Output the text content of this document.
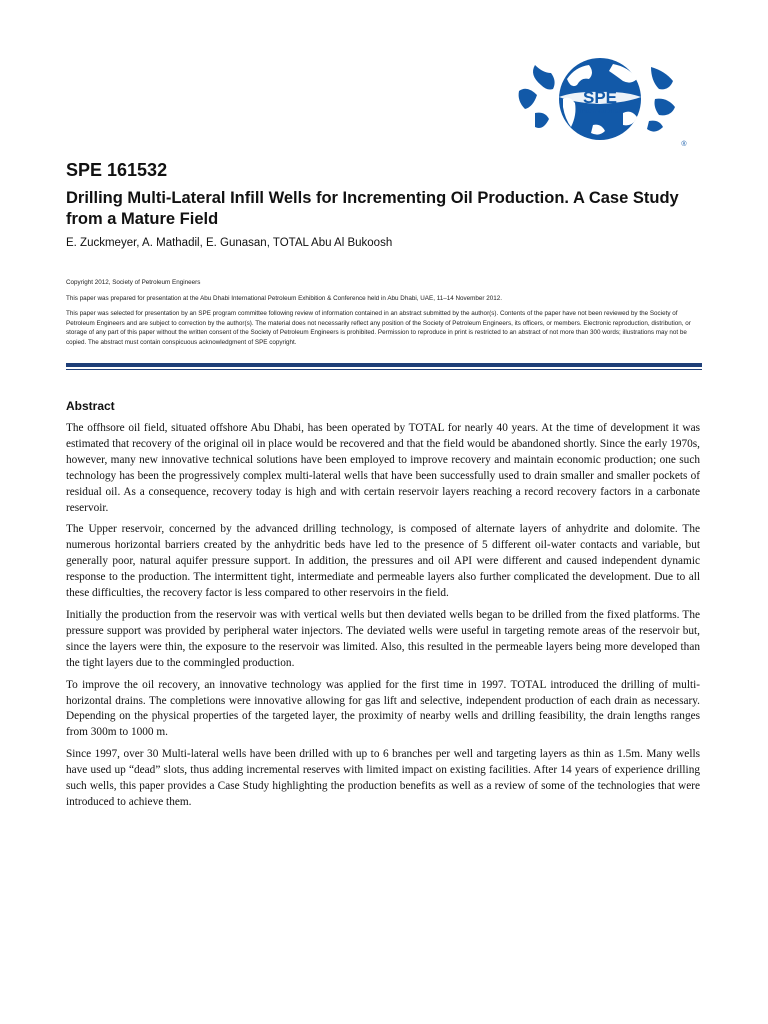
SPE
International
®
SPE 161532
Drilling Multi-Lateral Infill Wells for Incrementing Oil Production. A Case Study from a Mature Field
E. Zuckmeyer, A. Mathadil, E. Gunasan, TOTAL Abu Al Bukoosh

Copyright 2012, Society of Petroleum Engineers

This paper was prepared for presentation at the Abu Dhabi International Petroleum Exhibition & Conference held in Abu Dhabi, UAE, 11–14 November 2012.

This paper was selected for presentation by an SPE program committee following review of information contained in an abstract submitted by the author(s). Contents of the paper have not been reviewed by the Society of Petroleum Engineers and are subject to correction by the author(s). The material does not necessarily reflect any position of the Society of Petroleum Engineers, its officers, or members. Electronic reproduction, distribution, or storage of any part of this paper without the written consent of the Society of Petroleum Engineers is prohibited. Permission to reproduce in print is restricted to an abstract of not more than 300 words; illustrations may not be copied. The abstract must contain conspicuous acknowledgment of SPE copyright.

Abstract

The offhsore oil field, situated offshore Abu Dhabi, has been operated by TOTAL for nearly 40 years. At the time of development it was estimated that recovery of the original oil in place would be recovered and that the field would be abandoned shortly. Since the early 1970s, however, many new innovative technical solutions have been employed to improve recovery and maintain economic production; one such technology has been the progressively complex multi-lateral wells that have been successfully used to drain smaller and smaller pockets of residual oil. As a consequence, recovery today is high and with certain reservoir layers reaching a record recovery factors in a carbonate reservoir.

The Upper reservoir, concerned by the advanced drilling technology, is composed of alternate layers of anhydrite and dolomite. The numerous horizontal barriers created by the anhydritic beds have led to the presence of 5 different oil-water contacts and variable, but generally poor, natural aquifer pressure support. In addition, the pressures and oil API were different and caused independent dynamic response to the production. The intermittent tight, intermediate and permeable layers also further complicated the development. Due to all these difficulties, the recovery factor is less compared to other reservoirs in the field.

Initially the production from the reservoir was with vertical wells but then deviated wells began to be drilled from the fixed platforms. The pressure support was provided by peripheral water injectors. The deviated wells were useful in targeting remote areas of the reservoir but, since the layers were thin, the exposure to the reservoir was limited. Also, this resulted in the permeable layers being more developed than the tight layers due to the commingled production.

To improve the oil recovery, an innovative technology was applied for the first time in 1997. TOTAL introduced the drilling of multi-horizontal drains. The completions were innovative allowing for gas lift and selective, independent production of each drain as necessary. Depending on the physical properties of the targeted layer, the proximity of nearby wells and drilling feasibility, the drain lengths ranges from 300m to 1000 m.

Since 1997, over 30 Multi-lateral wells have been drilled with up to 6 branches per well and targeting layers as thin as 1.5m. Many wells have used up “dead” slots, thus adding incremental reserves with limited impact on existing facilities. After 14 years of experience drilling such wells, this paper provides a Case Study highlighting the production benefits as well as a review of some of the technologies that were introduced to achieve them.
